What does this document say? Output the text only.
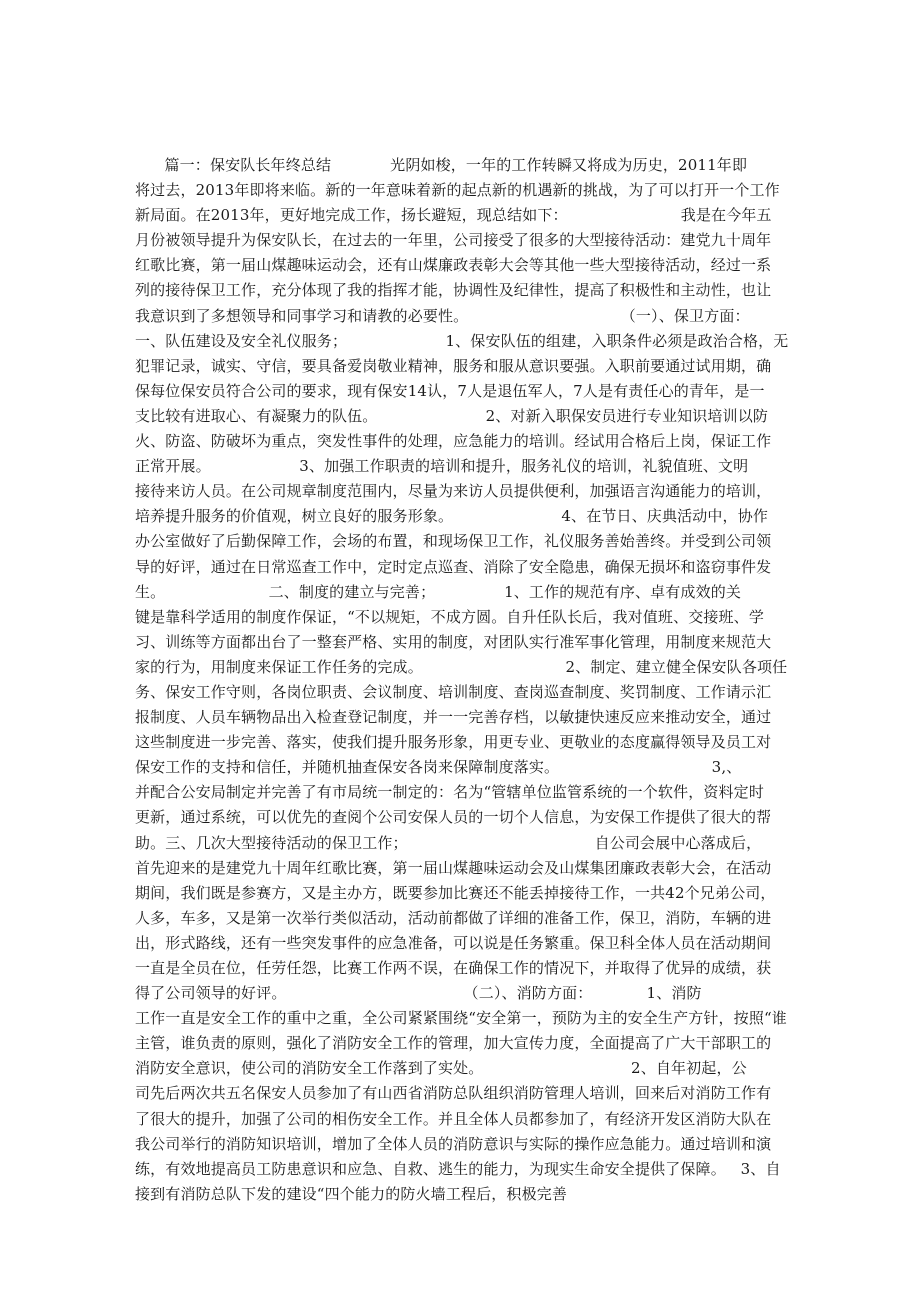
篇一：保安队长年终总结            光阴如梭，一年的工作转瞬又将成为历史，2011年即
将过去，2013年即将来临。新的一年意味着新的起点新的机遇新的挑战，为了可以打开一个工作
新局面。在2013年，更好地完成工作，扬长避短，现总结如下：                       我是在今年五
月份被领导提升为保安队长，在过去的一年里，公司接受了很多的大型接待活动：建党九十周年
红歌比赛，第一届山煤趣味运动会，还有山煤廉政表彰大会等其他一些大型接待活动，经过一系
列的接待保卫工作，充分体现了我的指挥才能，协调性及纪律性，提高了积极性和主动性，也让
我意识到了多想领导和同事学习和请教的必要性。                               （一）、保卫方面：
一、队伍建设及安全礼仪服务；                    1、保安队伍的组建，入职条件必须是政治合格，无
犯罪记录，诚实、守信，要具备爱岗敬业精神，服务和服从意识要强。入职前要通过试用期，确
保每位保安员符合公司的要求，现有保安14认，7人是退伍军人，7人是有责任心的青年，是一
支比较有进取心、有凝聚力的队伍。                      2、对新入职保安员进行专业知识培训以防
火、防盗、防破坏为重点，突发性事件的处理，应急能力的培训。经试用合格后上岗，保证工作
正常开展。                  3、加强工作职责的培训和提升，服务礼仪的培训，礼貌值班、文明
接待来访人员。在公司规章制度范围内，尽量为来访人员提供便利，加强语言沟通能力的培训，
培养提升服务的价值观，树立良好的服务形象。                      4、在节日、庆典活动中，协作
办公室做好了后勤保障工作，会场的布置，和现场保卫工作，礼仪服务善始善终。并受到公司领
导的好评，通过在日常巡查工作中，定时定点巡查、消除了安全隐患，确保无损坏和盗窃事件发
生。                     二、制度的建立与完善；              1、工作的规范有序、卓有成效的关
键是靠科学适用的制度作保证，“不以规矩，不成方圆。自升任队长后，我对值班、交接班、学
习、训练等方面都出台了一整套严格、实用的制度，对团队实行准军事化管理，用制度来规范大
家的行为，用制度来保证工作任务的完成。                             2、制定、建立健全保安队各项任
务、保安工作守则，各岗位职责、会议制度、培训制度、查岗巡查制度、奖罚制度、工作请示汇
报制度、人员车辆物品出入检查登记制度，并一一完善存档，以敏捷快速反应来推动安全，通过
这些制度进一步完善、落实，使我们提升服务形象，用更专业、更敬业的态度赢得领导及员工对
保安工作的支持和信任，并随机抽查保安各岗来保障制度落实。                               3,、
并配合公安局制定并完善了有市局统一制定的：名为“管辖单位监管系统的一个软件，资料定时
更新，通过系统，可以优先的查阅个公司安保人员的一切个人信息，为安保工作提供了很大的帮
助。三、几次大型接待活动的保卫工作；                                      自公司会展中心落成后，
首先迎来的是建党九十周年红歌比赛，第一届山煤趣味运动会及山煤集团廉政表彰大会，在活动
期间，我们既是参赛方，又是主办方，既要参加比赛还不能丢掉接待工作，一共42个兄弟公司，
人多，车多，又是第一次举行类似活动，活动前都做了详细的准备工作，保卫，消防，车辆的进
出，形式路线，还有一些突发事件的应急准备，可以说是任务繁重。保卫科全体人员在活动期间
一直是全员在位，任劳任怨，比赛工作两不误，在确保工作的情况下，并取得了优异的成绩，获
得了公司领导的好评。                                    （二）、消防方面：           1、消防
工作一直是安全工作的重中之重，全公司紧紧围绕“安全第一，预防为主的安全生产方针，按照“谁
主管，谁负责的原则，强化了消防安全工作的管理，加大宣传力度，全面提高了广大干部职工的
消防安全意识，使公司的消防安全工作落到了实处。                              2、自年初起，公
司先后两次共五名保安人员参加了有山西省消防总队组织消防管理人培训，回来后对消防工作有
了很大的提升，加强了公司的相伤安全工作。并且全体人员都参加了，有经济开发区消防大队在
我公司举行的消防知识培训，增加了全体人员的消防意识与实际的操作应急能力。通过培训和演
练，有效地提高员工防患意识和应急、自救、逃生的能力，为现实生命安全提供了保障。   3、自
接到有消防总队下发的建设“四个能力的防火墙工程后，积极完善
